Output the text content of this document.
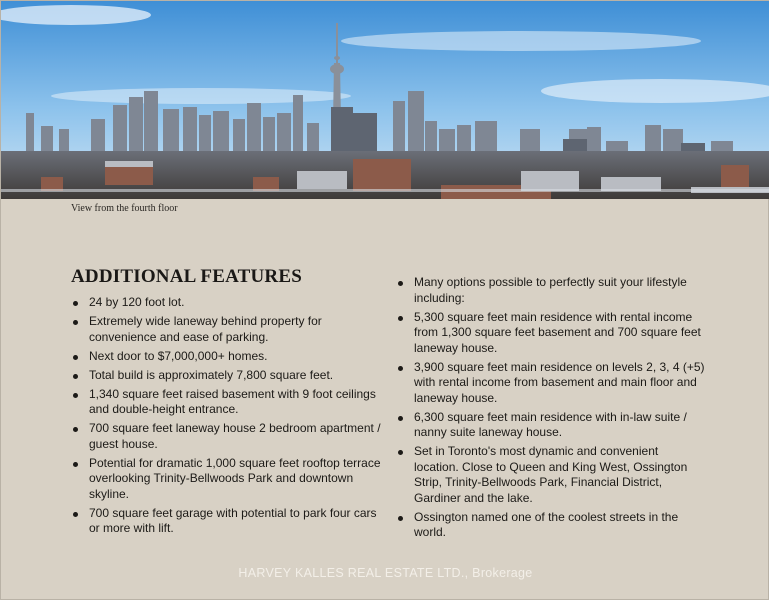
View from the fourth floor
ADDITIONAL FEATURES
24 by 120 foot lot.
Extremely wide laneway behind property for convenience and ease of parking.
Next door to $7,000,000+ homes.
Total build is approximately 7,800 square feet.
1,340 square feet raised basement with 9 foot ceilings and double-height entrance.
700 square feet laneway house 2 bedroom apartment / guest house.
Potential for dramatic 1,000 square feet rooftop terrace overlooking Trinity-Bellwoods Park and downtown skyline.
700 square feet garage with potential to park four cars or more with lift.
Many options possible to perfectly suit your lifestyle including:
5,300 square feet main residence with rental income from 1,300 square feet basement and 700 square feet laneway house.
3,900 square feet main residence on levels 2, 3, 4 (+5) with rental income from basement and main floor and laneway house.
6,300 square feet main residence with in-law suite / nanny suite laneway house.
Set in Toronto's most dynamic and convenient location. Close to Queen and King West, Ossington Strip, Trinity-Bellwoods Park, Financial District, Gardiner and the lake.
Ossington named one of the coolest streets in the world.
HARVEY KALLES REAL ESTATE LTD., Brokerage
